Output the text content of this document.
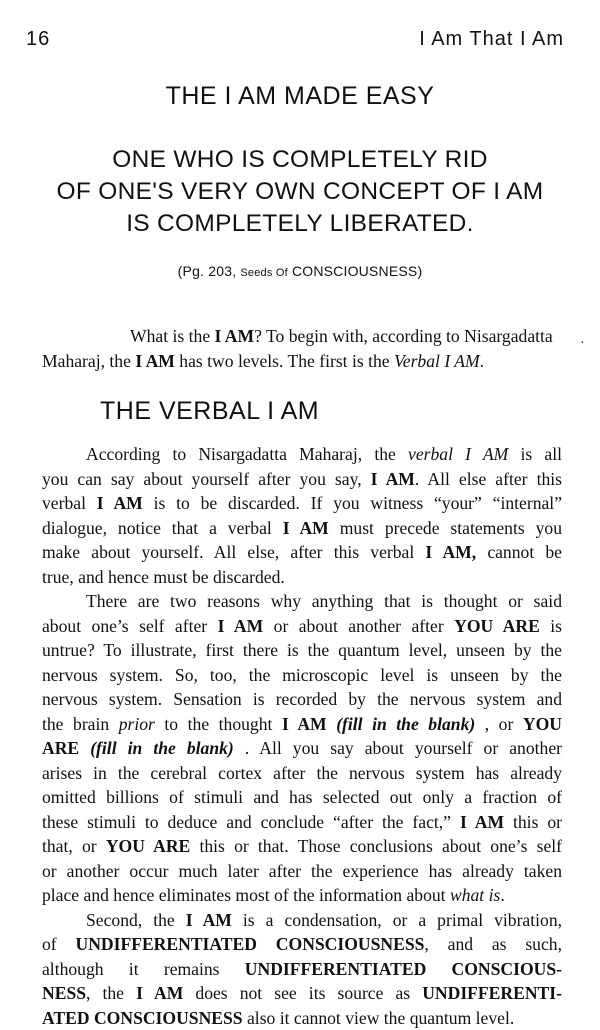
16	I Am That I Am
THE I AM MADE EASY
ONE WHO IS COMPLETELY RID
OF ONE'S VERY OWN CONCEPT OF I AM
IS COMPLETELY LIBERATED.
(Pg. 203, Seeds Of CONSCIOUSNESS)
What is the I AM? To begin with, according to Nisargadatta
Maharaj, the I AM has two levels. The first is the Verbal I AM.
·
THE VERBAL I AM
According to Nisargadatta Maharaj, the verbal I AM is all
you can say about yourself after you say, I AM. All else after this
verbal I AM is to be discarded. If you witness “your” “internal”
dialogue, notice that a verbal I AM must precede statements you
make about yourself. All else, after this verbal I AM, cannot be
true, and hence must be discarded.
There are two reasons why anything that is thought or said
about one’s self after I AM or about another after YOU ARE is
untrue? To illustrate, first there is the quantum level, unseen by the
nervous system. So, too, the microscopic level is unseen by the
nervous system. Sensation is recorded by the nervous system and
the brain prior to the thought I AM (fill in the blank) , or YOU
ARE (fill in the blank) . All you say about yourself or another
arises in the cerebral cortex after the nervous system has already
omitted billions of stimuli and has selected out only a fraction of
these stimuli to deduce and conclude “after the fact,” I AM this or
that, or YOU ARE this or that. Those conclusions about one’s self
or another occur much later after the experience has already taken
place and hence eliminates most of the information about what is.
Second, the I AM is a condensation, or a primal vibration,
of UNDIFFERENTIATED CONSCIOUSNESS, and as such,
although it remains UNDIFFERENTIATED CONSCIOUS-
NESS, the I AM does not see its source as UNDIFFERENTI-
ATED CONSCIOUSNESS also it cannot view the quantum level.
